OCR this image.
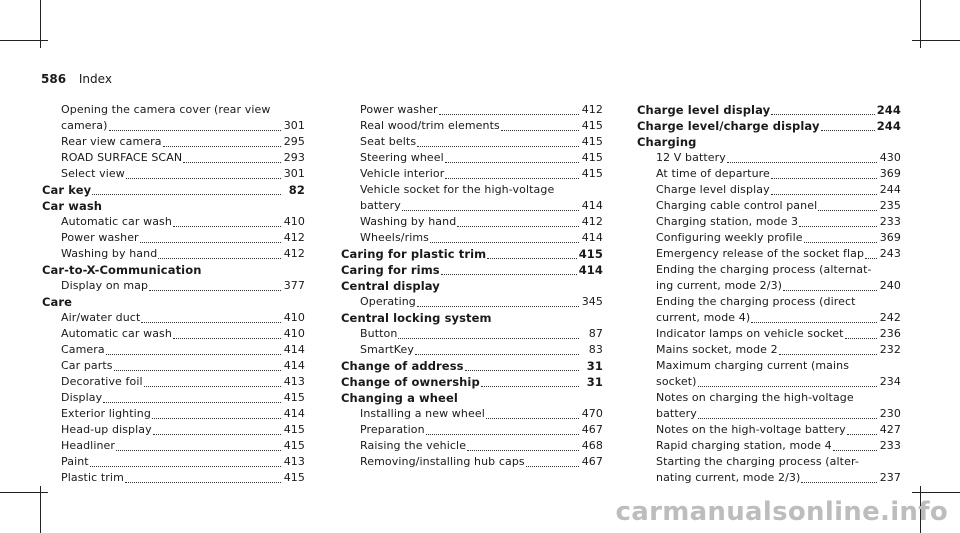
586 Index
Opening the camera cover (rear view
camera)	301
Rear view camera	295
ROAD SURFACE SCAN	293
Select view	301
Car key	82
Car wash
Automatic car wash	410
Power washer	412
Washing by hand	412
Car-to-X-Communication
Display on map	377
Care
Air/water duct	410
Automatic car wash	410
Camera	414
Car parts	414
Decorative foil	413
Display	415
Exterior lighting	414
Head-up display	415
Headliner	415
Paint	413
Plastic trim	415
Power washer	412
Real wood/trim elements	415
Seat belts	415
Steering wheel	415
Vehicle interior	415
Vehicle socket for the high-voltage
battery	414
Washing by hand	412
Wheels/rims	414
Caring for plastic trim	415
Caring for rims	414
Central display
Operating	345
Central locking system
Button	87
SmartKey	83
Change of address	31
Change of ownership	31
Changing a wheel
Installing a new wheel	470
Preparation	467
Raising the vehicle	468
Removing/installing hub caps	467
Charge level display	244
Charge level/charge display	244
Charging
12 V battery	430
At time of departure	369
Charge level display	244
Charging cable control panel	235
Charging station, mode 3	233
Configuring weekly profile	369
Emergency release of the socket flap 243
Ending the charging process (alternat-
ing current, mode 2/3)	240
Ending the charging process (direct
current, mode 4)	242
Indicator lamps on vehicle socket	236
Mains socket, mode 2	232
Maximum charging current (mains
socket)	234
Notes on charging the high-voltage
battery	230
Notes on the high-voltage battery	427
Rapid charging station, mode 4	233
Starting the charging process (alter-
nating current, mode 2/3)	237
carmanualsonline.info
